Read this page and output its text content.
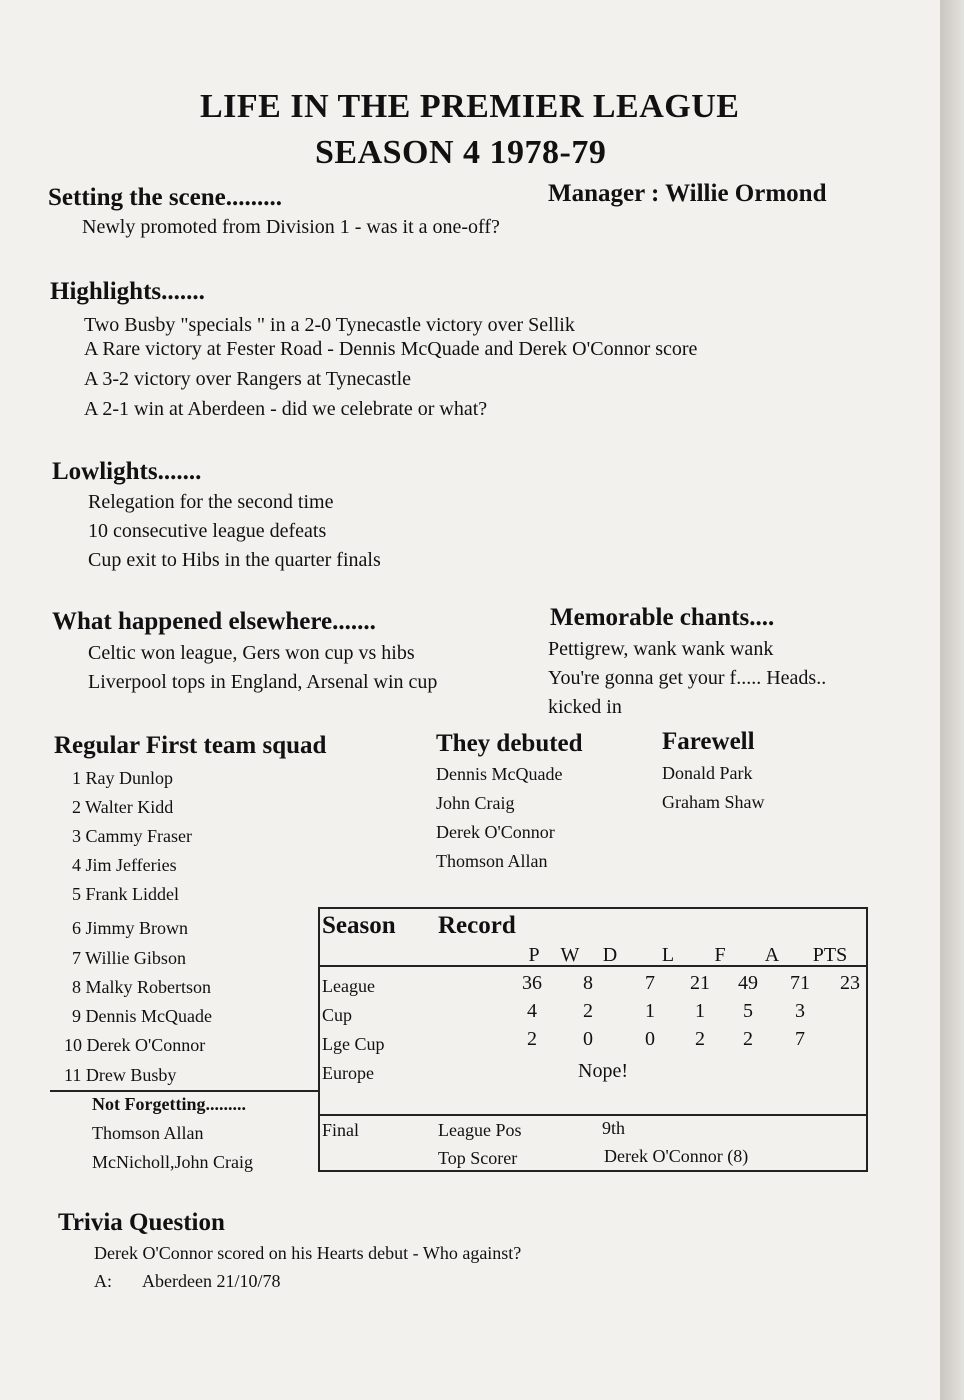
LIFE IN THE PREMIER LEAGUE
SEASON 4 1978-79
Setting the scene.........	Manager : Willie Ormond
Newly promoted from Division 1 - was it a one-off?
Highlights.......
Two Busby "specials " in a 2-0 Tynecastle victory over Sellik
A Rare victory at Fester Road - Dennis McQuade and Derek O'Connor score
A 3-2 victory over Rangers at Tynecastle
A 2-1 win at Aberdeen - did we celebrate or what?
Lowlights.......
Relegation for the second time
10 consecutive league defeats
Cup exit to Hibs in the quarter finals
What happened elsewhere.......
Celtic won league, Gers won cup vs hibs
Liverpool tops in England, Arsenal win cup
Memorable chants....
Pettigrew, wank wank wank
You're gonna get your f..... Heads..
kicked in
Regular First team squad
1 Ray Dunlop
2 Walter Kidd
3 Cammy Fraser
4 Jim Jefferies
5 Frank Liddel
6 Jimmy Brown
7 Willie Gibson
8 Malky Robertson
9 Dennis McQuade
10 Derek O'Connor
11 Drew Busby
Not Forgetting.........
Thomson Allan
McNicholl,John Craig
They debuted
Dennis McQuade
John Craig
Derek O'Connor
Thomson Allan
Farewell
Donald Park
Graham Shaw
Season Record
P	W	D	L	F	A	PTS
League	36	8	7	21	49	71	23
Cup	4	2	1	1	5	3
Lge Cup	2	0	0	2	2	7
Europe	Nope!
Final	League Pos	9th
Top Scorer	Derek O'Connor (8)
Trivia Question
Derek O'Connor scored on his Hearts debut - Who against?
A: Aberdeen 21/10/78
